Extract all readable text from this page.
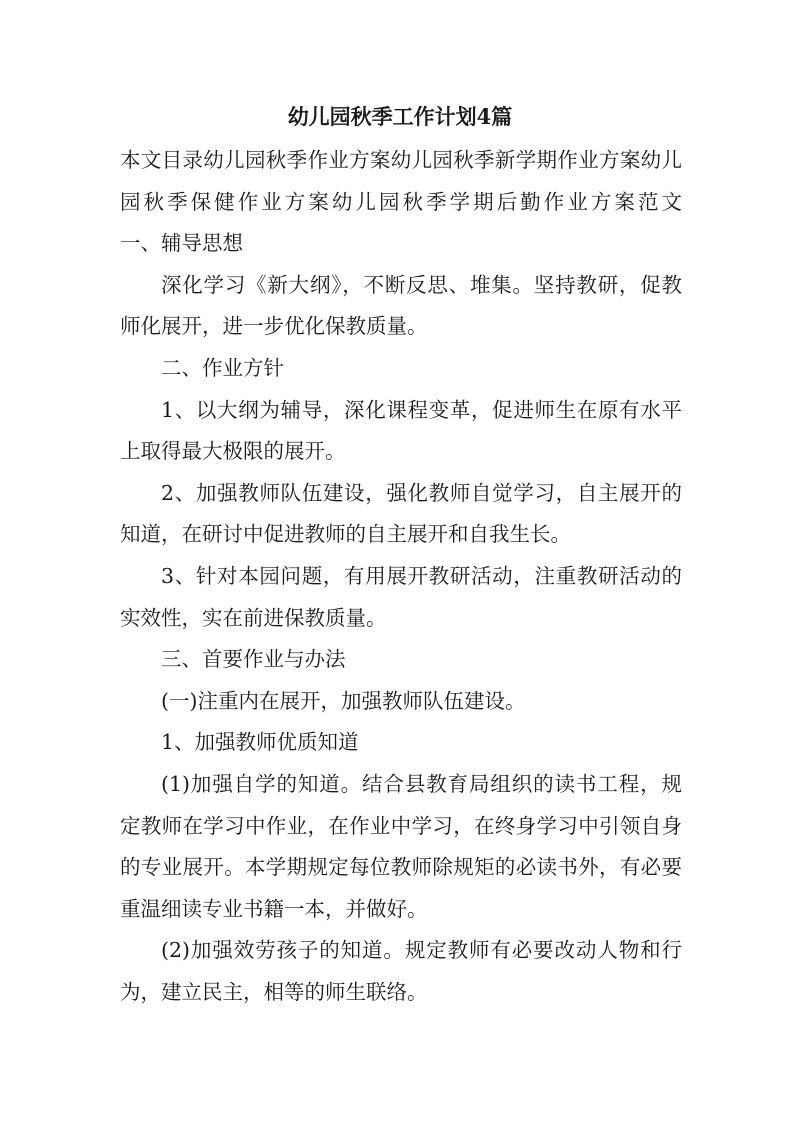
幼儿园秋季工作计划4篇

本文目录幼儿园秋季作业方案幼儿园秋季新学期作业方案幼儿园秋季保健作业方案幼儿园秋季学期后勤作业方案范文　　一、辅导思想

深化学习《新大纲》，不断反思、堆集。坚持教研，促教师化展开，进一步优化保教质量。

二、作业方针

1、以大纲为辅导，深化课程变革，促进师生在原有水平上取得最大极限的展开。

2、加强教师队伍建设，强化教师自觉学习，自主展开的知道，在研讨中促进教师的自主展开和自我生长。

3、针对本园问题，有用展开教研活动，注重教研活动的实效性，实在前进保教质量。

三、首要作业与办法

(一)注重内在展开，加强教师队伍建设。

1、加强教师优质知道

(1)加强自学的知道。结合县教育局组织的读书工程，规定教师在学习中作业，在作业中学习，在终身学习中引领自身的专业展开。本学期规定每位教师除规矩的必读书外，有必要重温细读专业书籍一本，并做好。

(2)加强效劳孩子的知道。规定教师有必要改动人物和行为，建立民主，相等的师生联络。
